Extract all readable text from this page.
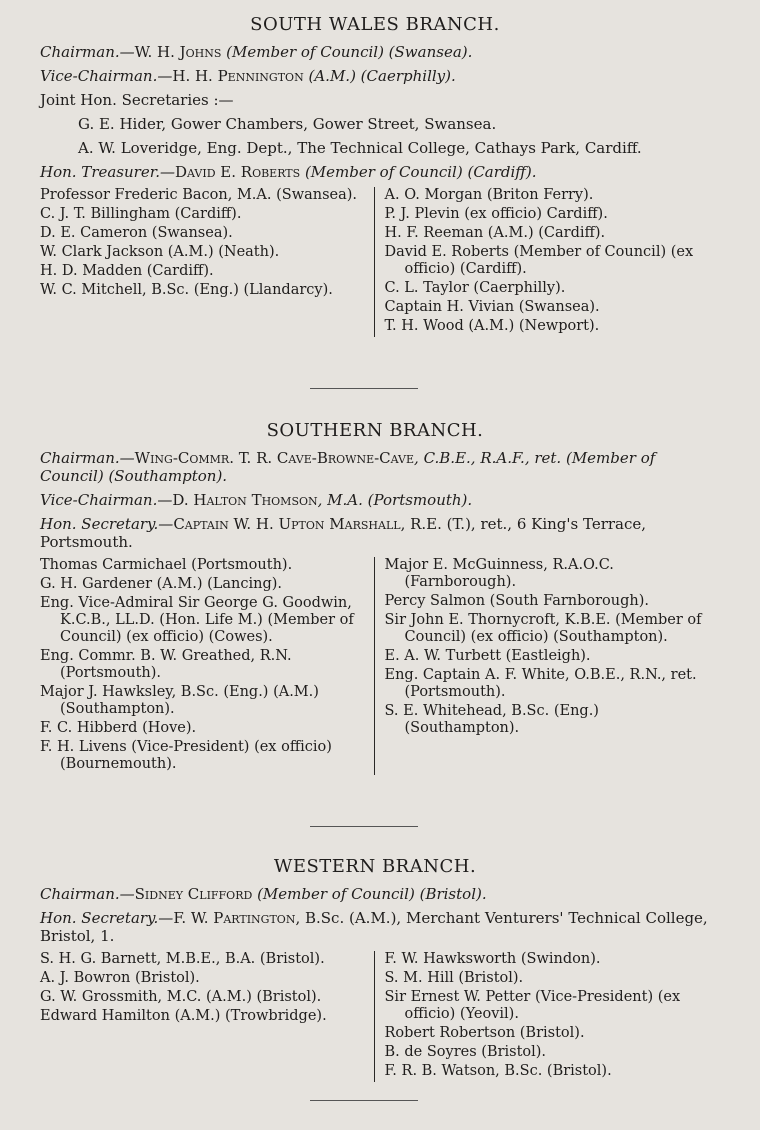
SOUTH WALES BRANCH.

Chairman.—W. H. Johns (Member of Council) (Swansea).

Vice-Chairman.—H. H. Pennington (A.M.) (Caerphilly).

Joint Hon. Secretaries :—

G. E. Hider, Gower Chambers, Gower Street, Swansea.

A. W. Loveridge, Eng. Dept., The Technical College, Cathays Park, Cardiff.

Hon. Treasurer.—David E. Roberts (Member of Council) (Cardiff).

Professor Frederic Bacon, M.A. (Swansea).

C. J. T. Billingham (Cardiff).

D. E. Cameron (Swansea).

W. Clark Jackson (A.M.) (Neath).

H. D. Madden (Cardiff).

W. C. Mitchell, B.Sc. (Eng.) (Llandarcy).

A. O. Morgan (Briton Ferry).

P. J. Plevin (ex officio) Cardiff).

H. F. Reeman (A.M.) (Cardiff).

David E. Roberts (Member of Council) (ex officio) (Cardiff).

C. L. Taylor (Caerphilly).

Captain H. Vivian (Swansea).

T. H. Wood (A.M.) (Newport).

SOUTHERN BRANCH.

Chairman.—Wing-Commr. T. R. Cave-Browne-Cave, C.B.E., R.A.F., ret. (Member of Council) (Southampton).

Vice-Chairman.—D. Halton Thomson, M.A. (Portsmouth).

Hon. Secretary.—Captain W. H. Upton Marshall, R.E. (T.), ret., 6 King's Terrace, Portsmouth.

Thomas Carmichael (Portsmouth).

G. H. Gardener (A.M.) (Lancing).

Eng. Vice-Admiral Sir George G. Goodwin, K.C.B., LL.D. (Hon. Life M.) (Member of Council) (ex officio) (Cowes).

Eng. Commr. B. W. Greathed, R.N. (Portsmouth).

Major J. Hawksley, B.Sc. (Eng.) (A.M.) (Southampton).

F. C. Hibberd (Hove).

F. H. Livens (Vice-President) (ex officio) (Bournemouth).

Major E. McGuinness, R.A.O.C. (Farnborough).

Percy Salmon (South Farnborough).

Sir John E. Thornycroft, K.B.E. (Member of Council) (ex officio) (Southampton).

E. A. W. Turbett (Eastleigh).

Eng. Captain A. F. White, O.B.E., R.N., ret. (Portsmouth).

S. E. Whitehead, B.Sc. (Eng.) (Southampton).

WESTERN BRANCH.

Chairman.—Sidney Clifford (Member of Council) (Bristol).

Hon. Secretary.—F. W. Partington, B.Sc. (A.M.), Merchant Venturers' Technical College, Bristol, 1.

S. H. G. Barnett, M.B.E., B.A. (Bristol).

A. J. Bowron (Bristol).

G. W. Grossmith, M.C. (A.M.) (Bristol).

Edward Hamilton (A.M.) (Trowbridge).

F. W. Hawksworth (Swindon).

S. M. Hill (Bristol).

Sir Ernest W. Petter (Vice-President) (ex officio) (Yeovil).

Robert Robertson (Bristol).

B. de Soyres (Bristol).

F. R. B. Watson, B.Sc. (Bristol).
